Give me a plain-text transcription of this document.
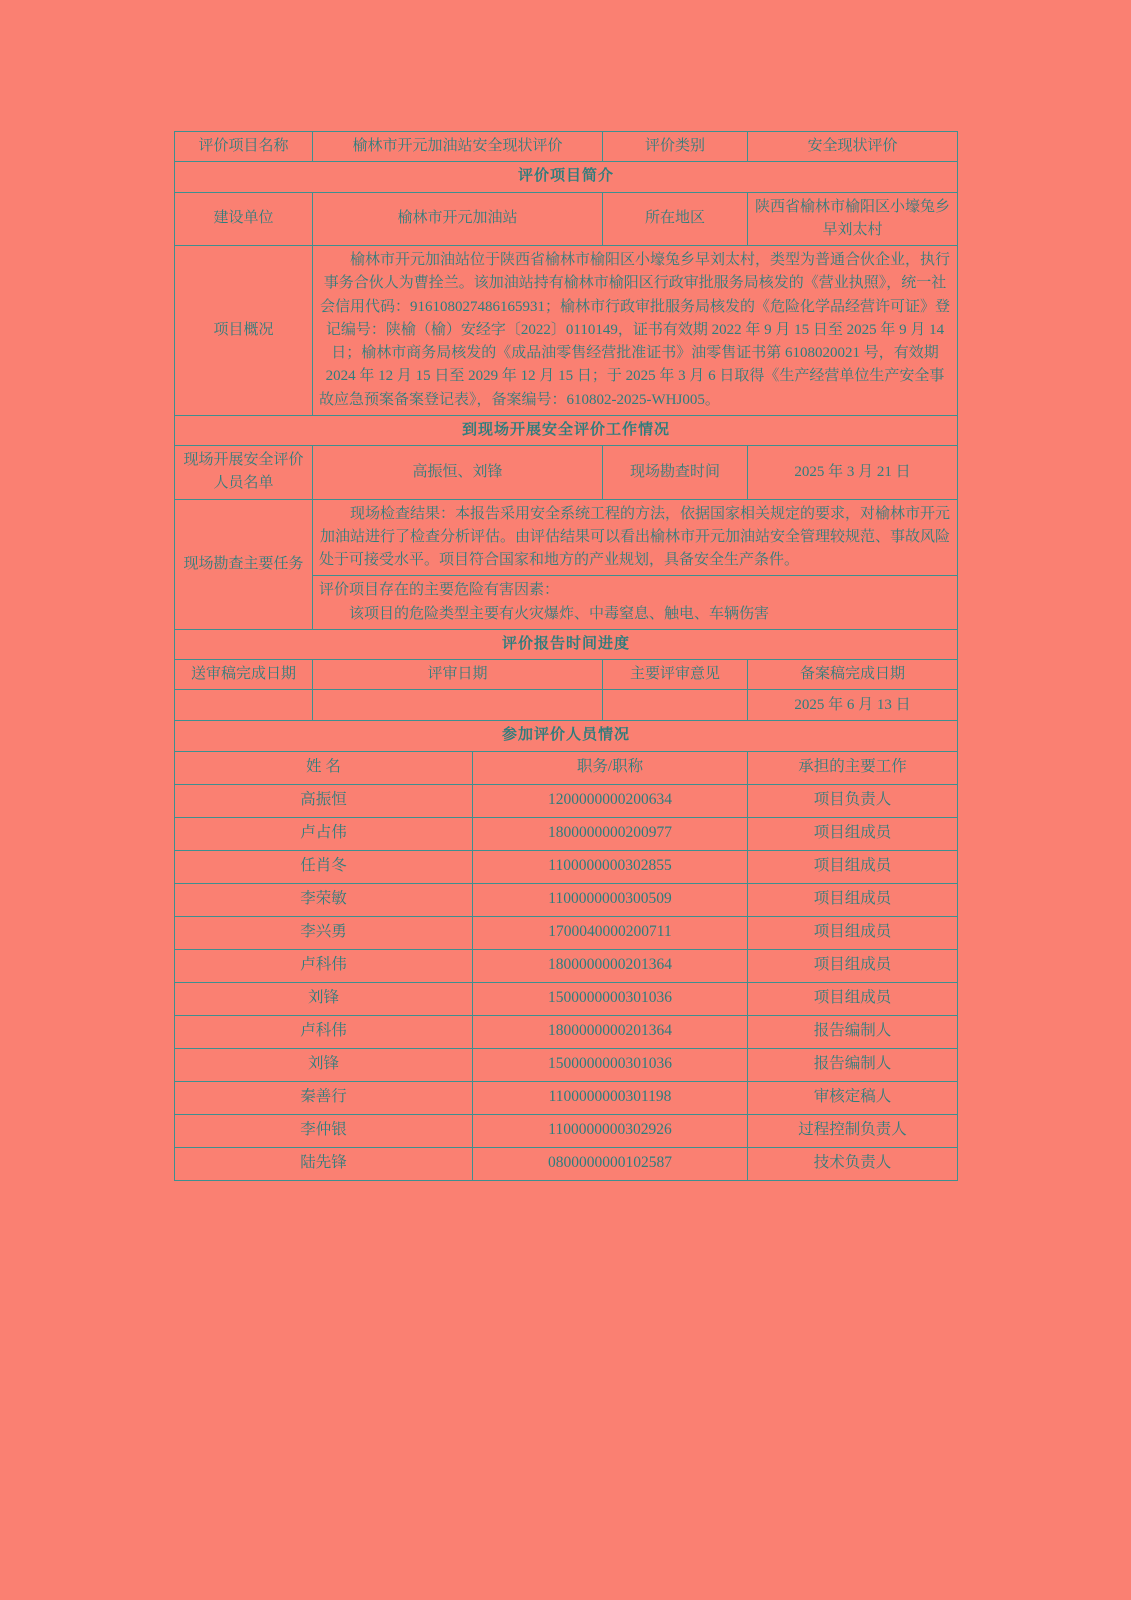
评价项目名称	榆林市开元加油站安全现状评价		评价类别	安全现状评价
评价项目简介				
建设单位	榆林市开元加油站		所在地区	陕西省榆林市榆阳区小壕兔乡早刘太村
项目概况	榆林市开元加油站位于陕西省榆林市榆阳区小壕兔乡早刘太村，类型为普通合伙企业，执行事务合伙人为曹拴兰。该加油站持有榆林市榆阳区行政审批服务局核发的《营业执照》，统一社会信用代码：916108027486165931；榆林市行政审批服务局核发的《危险化学品经营许可证》登记编号：陕榆（榆）安经字〔2022〕0110149，证书有效期 2022 年 9 月 15 日至 2025 年 9 月 14 日；榆林市商务局核发的《成品油零售经营批准证书》油零售证书第 6108020021 号，有效期 2024 年 12 月 15 日至 2029 年 12 月 15 日；于 2025 年 3 月 6 日取得《生产经营单位生产安全事故应急预案备案登记表》，备案编号：610802-2025-WHJ005。			
到现场开展安全评价工作情况				
现场开展安全评价人员名单	高振恒、刘锋		现场勘查时间	2025 年 3 月 21 日
现场勘查主要任务	现场检查结果：本报告采用安全系统工程的方法，依据国家相关规定的要求，对榆林市开元加油站进行了检查分析评估。由评估结果可以看出榆林市开元加油站安全管理较规范、事故风险处于可接受水平。项目符合国家和地方的产业规划，具备安全生产条件。			

	评价项目存在的主要危险有害因素：
该项目的危险类型主要有火灾爆炸、中毒窒息、触电、车辆伤害			

评价报告时间进度				
送审稿完成日期	评审日期		主要评审意见	备案稿完成日期
				2025 年 6 月 13 日
参加评价人员情况				
姓 名		职务/职称		承担的主要工作
高振恒		1200000000200634		项目负责人
卢占伟		1800000000200977		项目组成员
任肖冬		1100000000302855		项目组成员
李荣敏		1100000000300509		项目组成员
李兴勇		1700040000200711		项目组成员
卢科伟		1800000000201364		项目组成员
刘锋		1500000000301036		项目组成员
卢科伟		1800000000201364		报告编制人
刘锋		1500000000301036		报告编制人
秦善行		1100000000301198		审核定稿人
李仲银		1100000000302926		过程控制负责人
陆先锋		0800000000102587		技术负责人
